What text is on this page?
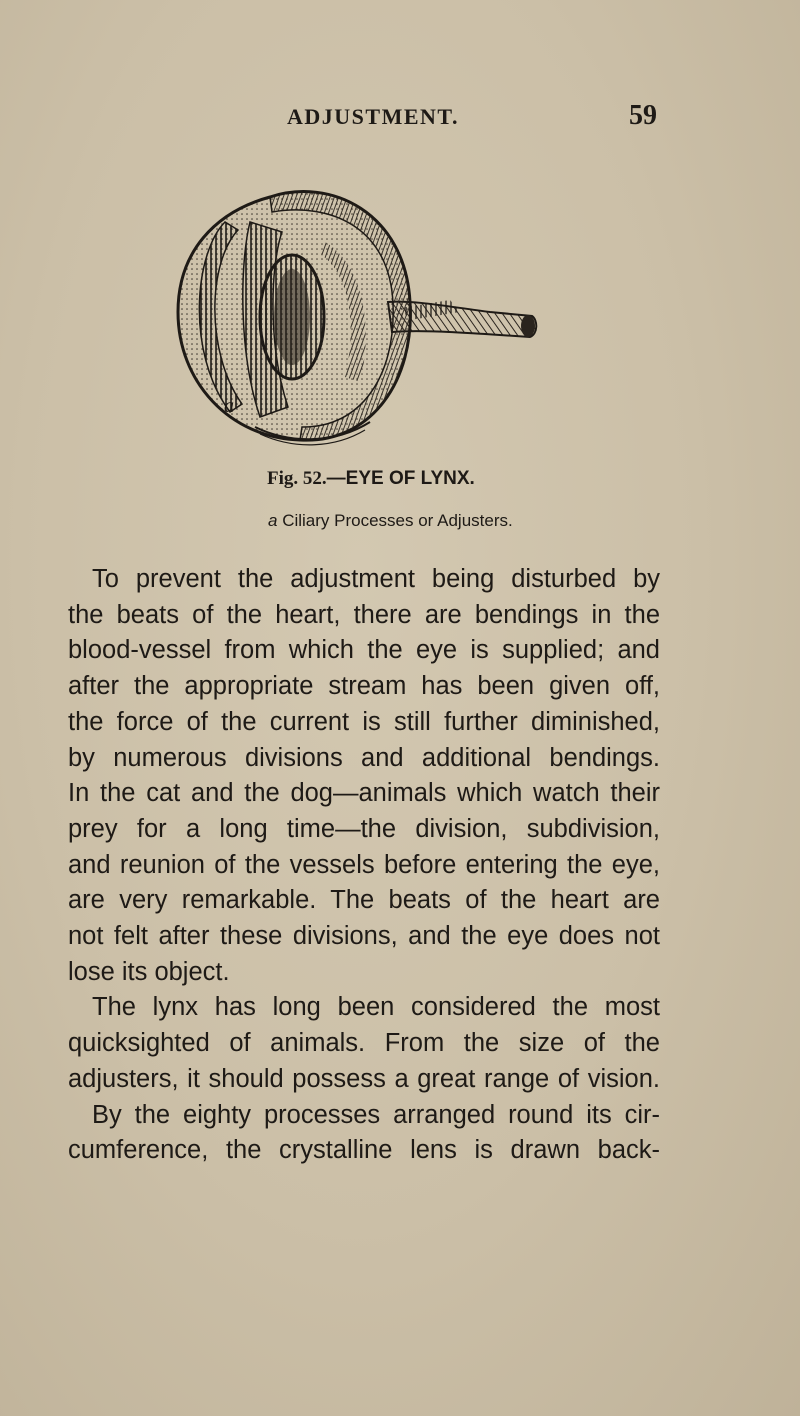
ADJUSTMENT.	59
a
Fig. 52.—EYE OF LYNX.
a Ciliary Processes or Adjusters.
To prevent the adjustment being disturbed by
the beats of the heart, there are bendings in the
blood-vessel from which the eye is supplied; and
after the appropriate stream has been given off,
the force of the current is still further diminished,
by numerous divisions and additional bendings.
In the cat and the dog—animals which watch their
prey for a long time—the division, subdivision,
and reunion of the vessels before entering the eye,
are very remarkable. The beats of the heart are
not felt after these divisions, and the eye does not
lose its object.
The lynx has long been considered the most
quicksighted of animals. From the size of the
adjusters, it should possess a great range of vision.
By the eighty processes arranged round its cir-
cumference, the crystalline lens is drawn back-
